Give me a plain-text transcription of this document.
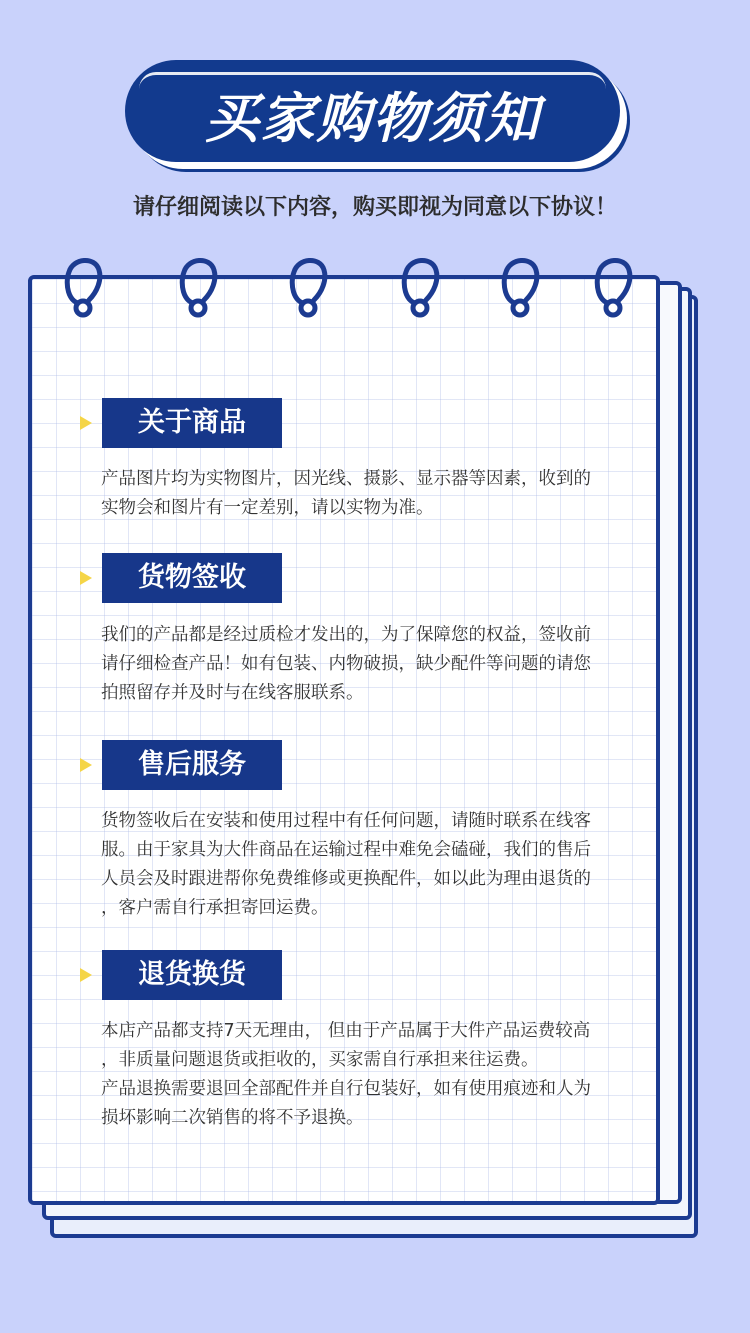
买家购物须知
请仔细阅读以下内容，购买即视为同意以下协议！
关于商品

产品图片均为实物图片，因光线、摄影、显示器等因素，收到的
实物会和图片有一定差别，请以实物为准。

货物签收

我们的产品都是经过质检才发出的，为了保障您的权益，签收前
请仔细检查产品！如有包装、内物破损，缺少配件等问题的请您
拍照留存并及时与在线客服联系。

售后服务

货物签收后在安装和使用过程中有任何问题，请随时联系在线客
服。由于家具为大件商品在运输过程中难免会磕碰，我们的售后
人员会及时跟进帮你免费维修或更换配件，如以此为理由退货的
，客户需自行承担寄回运费。

退货换货

本店产品都支持7天无理由， 但由于产品属于大件产品运费较高
，非质量问题退货或拒收的，买家需自行承担来往运费。
产品退换需要退回全部配件并自行包装好，如有使用痕迹和人为
损坏影响二次销售的将不予退换。
